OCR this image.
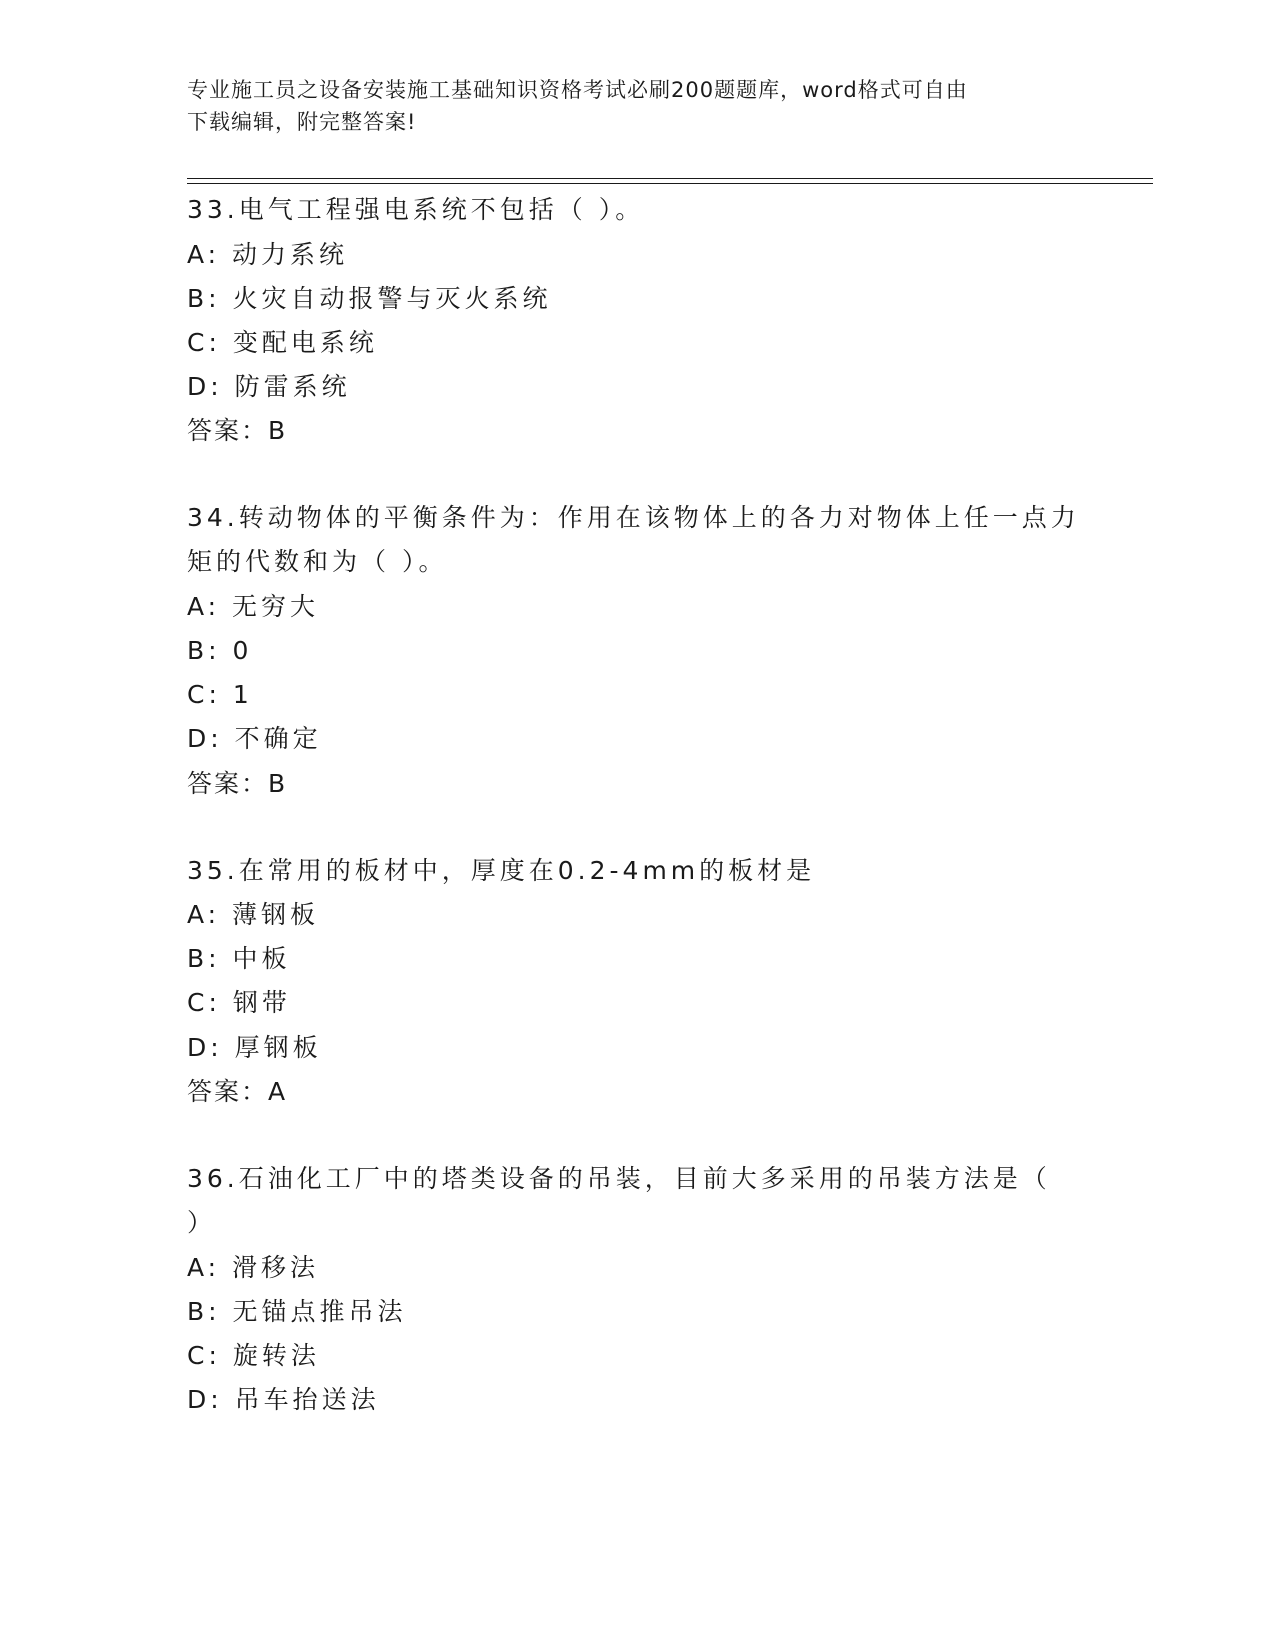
专业施工员之设备安装施工基础知识资格考试必刷200题题库，word格式可自由
下载编辑，附完整答案!
33.电气工程强电系统不包括（ ）。
A: 动力系统
B: 火灾自动报警与灭火系统
C: 变配电系统
D: 防雷系统
答案：B
34.转动物体的平衡条件为：作用在该物体上的各力对物体上任一点力
矩的代数和为（ ）。
A: 无穷大
B: 0
C: 1
D: 不确定
答案：B
35.在常用的板材中，厚度在0.2-4mm的板材是
A: 薄钢板
B: 中板
C: 钢带
D: 厚钢板
答案：A
36.石油化工厂中的塔类设备的吊装，目前大多采用的吊装方法是（
）
A: 滑移法
B: 无锚点推吊法
C: 旋转法
D: 吊车抬送法
